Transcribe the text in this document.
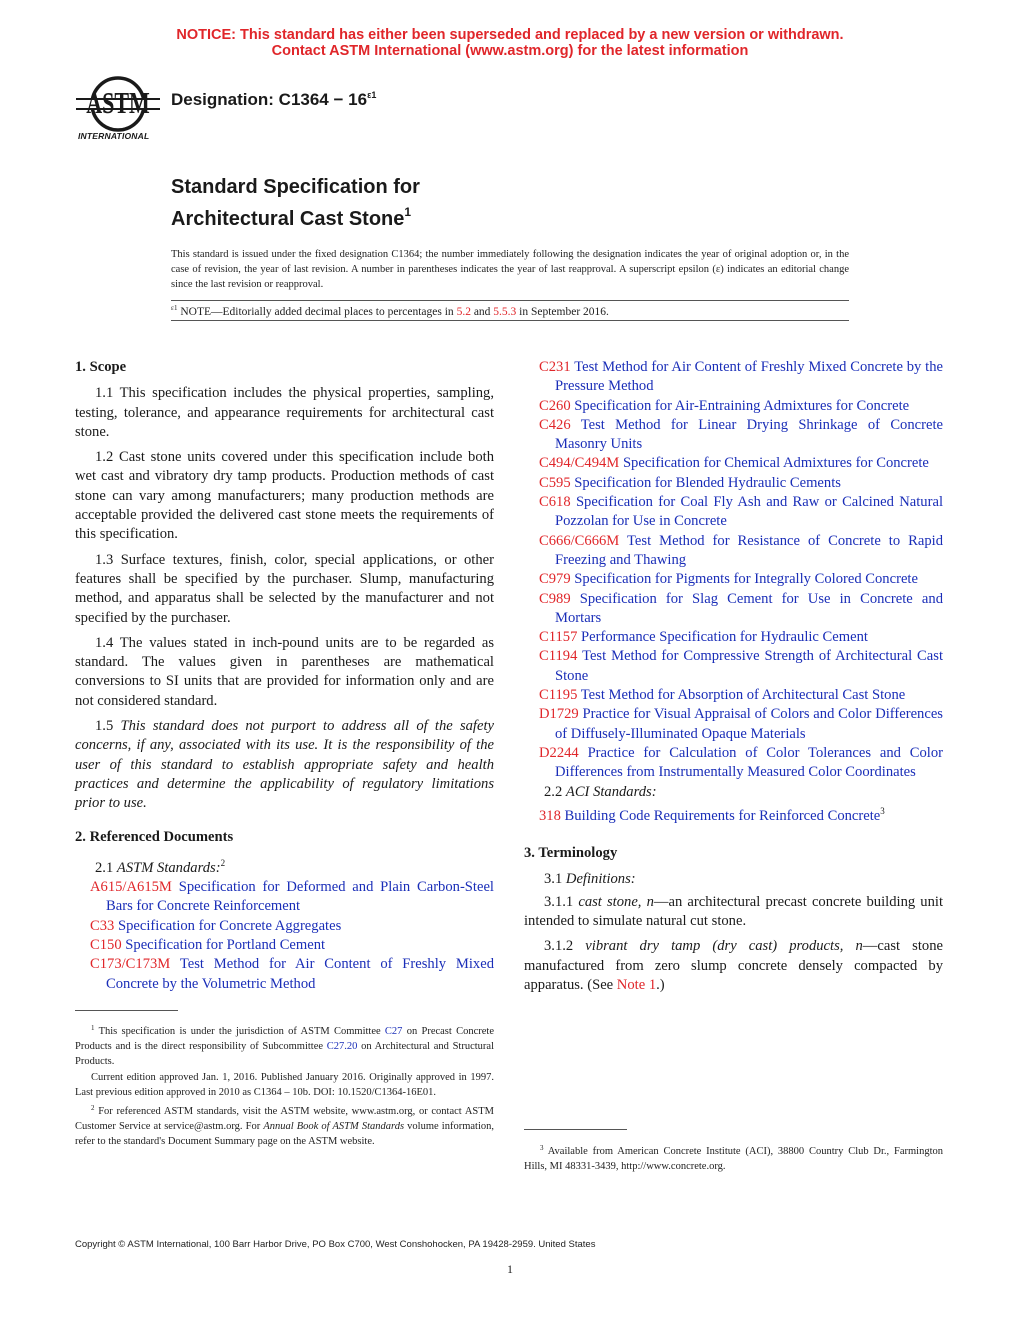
NOTICE: This standard has either been superseded and replaced by a new version or withdrawn.
Contact ASTM International (www.astm.org) for the latest information
ASTM
INTERNATIONAL
Designation: $C1364 - 16^{\varepsilon 1}$
Standard Specification for
Architectural Cast Stone$^1$
This standard is issued under the fixed designation C1364; the number immediately following the designation indicates the year of original adoption or, in the case of revision, the year of last revision. A number in parentheses indicates the year of last reapproval. A superscript epsilon (ε) indicates an editorial change since the last revision or reapproval.
$^{\varepsilon 1}$ NOTE—Editorially added decimal places to percentages in 5.2 and 5.5.3 in September 2016.
1. Scope
1.1 This specification includes the physical properties, sampling, testing, tolerance, and appearance requirements for architectural cast stone.
1.2 Cast stone units covered under this specification include both wet cast and vibratory dry tamp products. Production methods of cast stone can vary among manufacturers; many production methods are acceptable provided the delivered cast stone meets the requirements of this specification.
1.3 Surface textures, finish, color, special applications, or other features shall be specified by the purchaser. Slump, manufacturing method, and apparatus shall be selected by the manufacturer and not specified by the purchaser.
1.4 The values stated in inch-pound units are to be regarded as standard. The values given in parentheses are mathematical conversions to SI units that are provided for information only and are not considered standard.
1.5 This standard does not purport to address all of the safety concerns, if any, associated with its use. It is the responsibility of the user of this standard to establish appropriate safety and health practices and determine the applicability of regulatory limitations prior to use.
2. Referenced Documents
2.1 ASTM Standards:$^2$
A615/A615M Specification for Deformed and Plain Carbon-Steel Bars for Concrete Reinforcement
C33 Specification for Concrete Aggregates
C150 Specification for Portland Cement
C173/C173M Test Method for Air Content of Freshly Mixed Concrete by the Volumetric Method
$^1$ This specification is under the jurisdiction of ASTM Committee C27 on Precast Concrete Products and is the direct responsibility of Subcommittee C27.20 on Architectural and Structural Products.
Current edition approved Jan. 1, 2016. Published January 2016. Originally approved in 1997. Last previous edition approved in 2010 as C1364 – 10b. DOI: 10.1520/C1364-16E01.
$^2$ For referenced ASTM standards, visit the ASTM website, www.astm.org, or contact ASTM Customer Service at service@astm.org. For Annual Book of ASTM Standards volume information, refer to the standard's Document Summary page on the ASTM website.
C231 Test Method for Air Content of Freshly Mixed Concrete by the Pressure Method
C260 Specification for Air-Entraining Admixtures for Concrete
C426 Test Method for Linear Drying Shrinkage of Concrete Masonry Units
C494/C494M Specification for Chemical Admixtures for Concrete
C595 Specification for Blended Hydraulic Cements
C618 Specification for Coal Fly Ash and Raw or Calcined Natural Pozzolan for Use in Concrete
C666/C666M Test Method for Resistance of Concrete to Rapid Freezing and Thawing
C979 Specification for Pigments for Integrally Colored Concrete
C989 Specification for Slag Cement for Use in Concrete and Mortars
C1157 Performance Specification for Hydraulic Cement
C1194 Test Method for Compressive Strength of Architectural Cast Stone
C1195 Test Method for Absorption of Architectural Cast Stone
D1729 Practice for Visual Appraisal of Colors and Color Differences of Diffusely-Illuminated Opaque Materials
D2244 Practice for Calculation of Color Tolerances and Color Differences from Instrumentally Measured Color Coordinates
2.2 ACI Standards:
318 Building Code Requirements for Reinforced Concrete$^3$
3. Terminology
3.1 Definitions:
3.1.1 cast stone, n—an architectural precast concrete building unit intended to simulate natural cut stone.
3.1.2 vibrant dry tamp (dry cast) products, n—cast stone manufactured from zero slump concrete densely compacted by apparatus. (See Note 1.)
$^3$ Available from American Concrete Institute (ACI), 38800 Country Club Dr., Farmington Hills, MI 48331-3439, http://www.concrete.org.
Copyright © ASTM International, 100 Barr Harbor Drive, PO Box C700, West Conshohocken, PA 19428-2959. United States
1
